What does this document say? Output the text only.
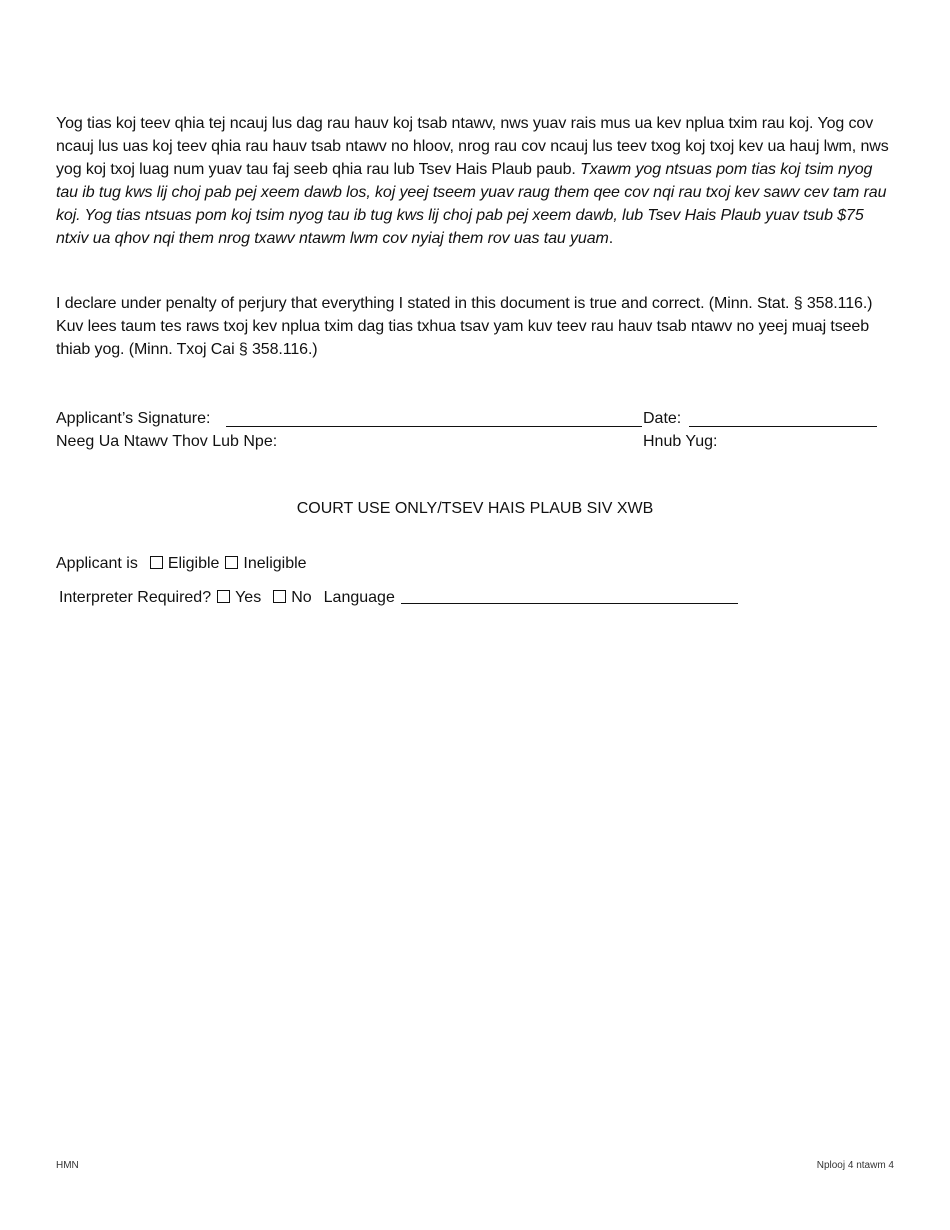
Yog tias koj teev qhia tej ncauj lus dag rau hauv koj tsab ntawv, nws yuav rais mus ua kev nplua txim rau koj. Yog cov ncauj lus uas koj teev qhia rau hauv tsab ntawv no hloov, nrog rau cov ncauj lus teev txog koj txoj kev ua hauj lwm, nws yog koj txoj luag num yuav tau faj seeb qhia rau lub Tsev Hais Plaub paub. Txawm yog ntsuas pom tias koj tsim nyog tau ib tug kws lij choj pab pej xeem dawb los, koj yeej tseem yuav raug them qee cov nqi rau txoj kev sawv cev tam rau koj. Yog tias ntsuas pom koj tsim nyog tau ib tug kws lij choj pab pej xeem dawb, lub Tsev Hais Plaub yuav tsub $75 ntxiv ua qhov nqi them nrog txawv ntawm lwm cov nyiaj them rov uas tau yuam.
I declare under penalty of perjury that everything I stated in this document is true and correct. (Minn. Stat. § 358.116.)
Kuv lees taum tes raws txoj kev nplua txim dag tias txhua tsav yam kuv teev rau hauv tsab ntawv no yeej muaj tseeb thiab yog. (Minn. Txoj Cai § 358.116.)
Applicant’s Signature:	Date:
Neeg Ua Ntawv Thov Lub Npe:	Hnub Yug:
COURT USE ONLY/TSEV HAIS PLAUB SIV XWB
Applicant is Eligible Ineligible
Interpreter Required? Yes No Language
HMN	Nplooj 4 ntawm 4
